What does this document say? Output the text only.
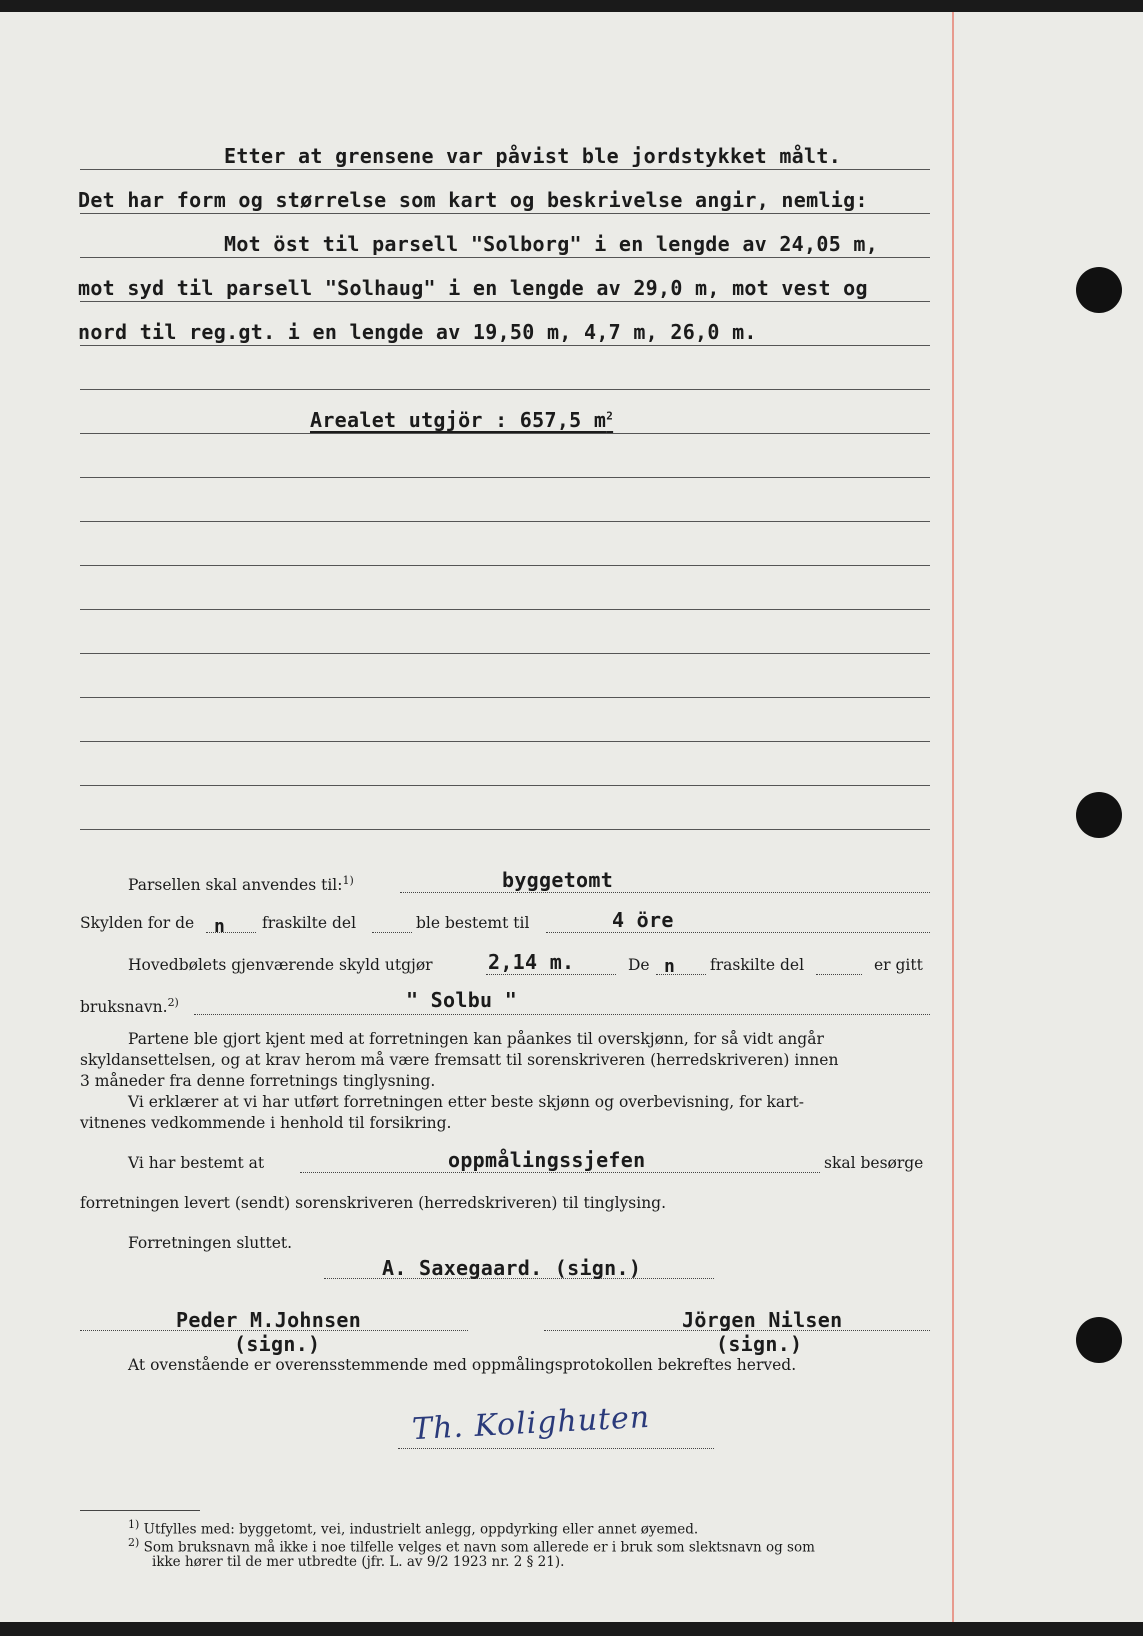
Etter at grensene var påvist ble jordstykket målt.
Det har form og størrelse som kart og beskrivelse angir, nemlig:
Mot öst til parsell "Solborg" i en lengde av 24,05 m,
mot syd til parsell "Solhaug" i en lengde av 29,0 m, mot vest og
nord til reg.gt. i en lengde av 19,50 m, 4,7 m, 26,0 m.
Arealet utgjör : 657,5 $m^2$
Parsellen skal anvendes til:$^{1)}$	byggetomt
Skylden for de n fraskilte del	ble bestemt til	4 öre
Hovedbølets gjenværende skyld utgjør	2,14 m.	De n fraskilte del	er gitt
bruksnavn.$^{2)}$	" Solbu "
Partene ble gjort kjent med at forretningen kan påankes til overskjønn, for så vidt angår
skyldansettelsen, og at krav herom må være fremsatt til sorenskriveren (herredskriveren) innen
3 måneder fra denne forretnings tinglysning.
Vi erklærer at vi har utført forretningen etter beste skjønn og overbevisning, for kart-
vitnenes vedkommende i henhold til forsikring.
Vi har bestemt at	oppmålingssjefen	skal besørge
forretningen levert (sendt) sorenskriveren (herredskriveren) til tinglysing.
Forretningen sluttet.
A. Saxegaard. (sign.)
Peder M.Johnsen
(sign.)
Jörgen Nilsen
(sign.)
At ovenstående er overensstemmende med oppmålingsprotokollen bekreftes herved.
Th. Kolighuten
$^{1)}$ Utfylles med: byggetomt, vei, industrielt anlegg, oppdyrking eller annet øyemed.
$^{2)}$ Som bruksnavn må ikke i noe tilfelle velges et navn som allerede er i bruk som slektsnavn og som
ikke hører til de mer utbredte (jfr. L. av 9/2 1923 nr. 2 § 21).
